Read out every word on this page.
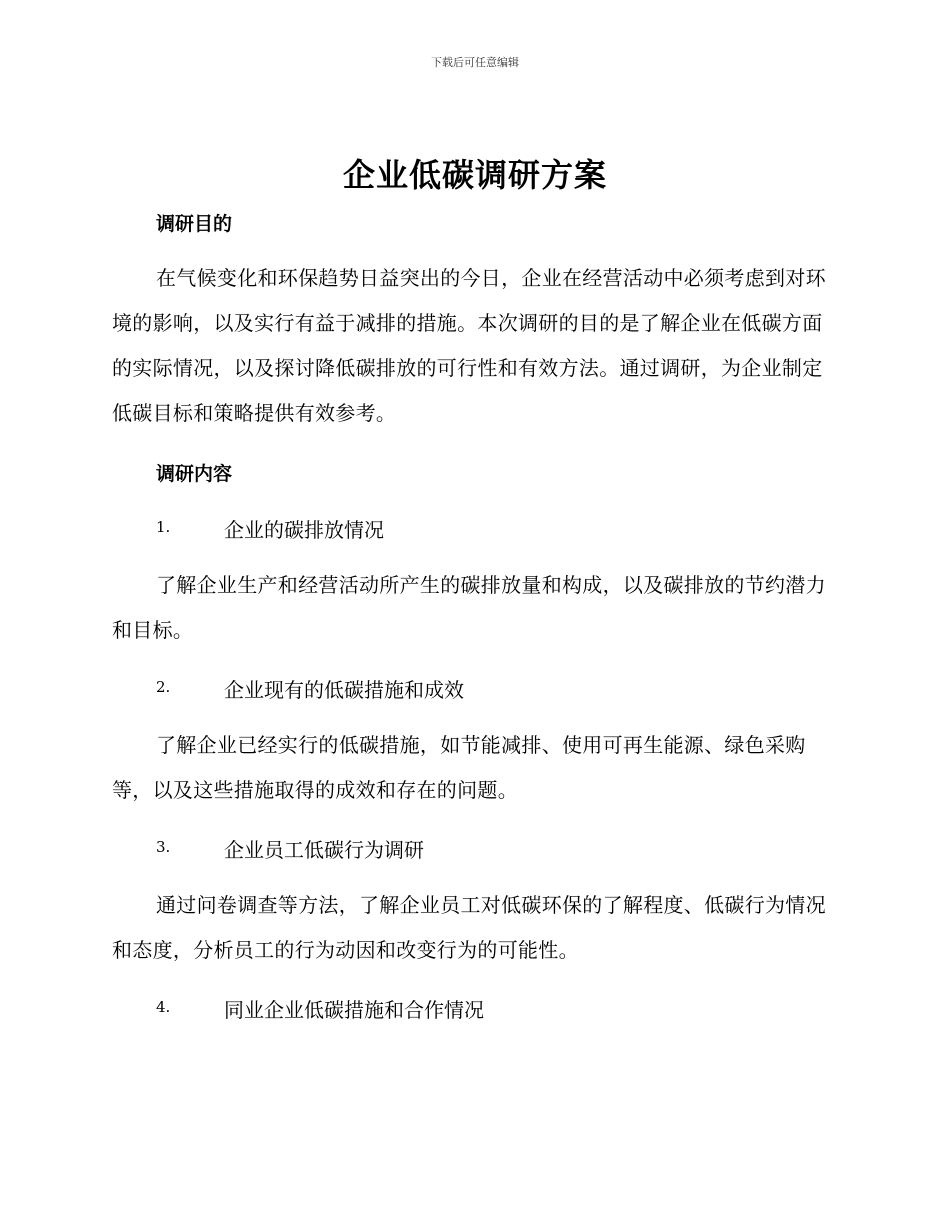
下载后可任意编辑
企业低碳调研方案
调研目的
在气候变化和环保趋势日益突出的今日，企业在经营活动中必须考虑到对环境的影响，以及实行有益于减排的措施。本次调研的目的是了解企业在低碳方面的实际情况，以及探讨降低碳排放的可行性和有效方法。通过调研，为企业制定低碳目标和策略提供有效参考。
调研内容
1.	企业的碳排放情况
了解企业生产和经营活动所产生的碳排放量和构成，以及碳排放的节约潜力和目标。
2.	企业现有的低碳措施和成效
了解企业已经实行的低碳措施，如节能减排、使用可再生能源、绿色采购等，以及这些措施取得的成效和存在的问题。
3.	企业员工低碳行为调研
通过问卷调查等方法，了解企业员工对低碳环保的了解程度、低碳行为情况和态度，分析员工的行为动因和改变行为的可能性。
4.	同业企业低碳措施和合作情况
